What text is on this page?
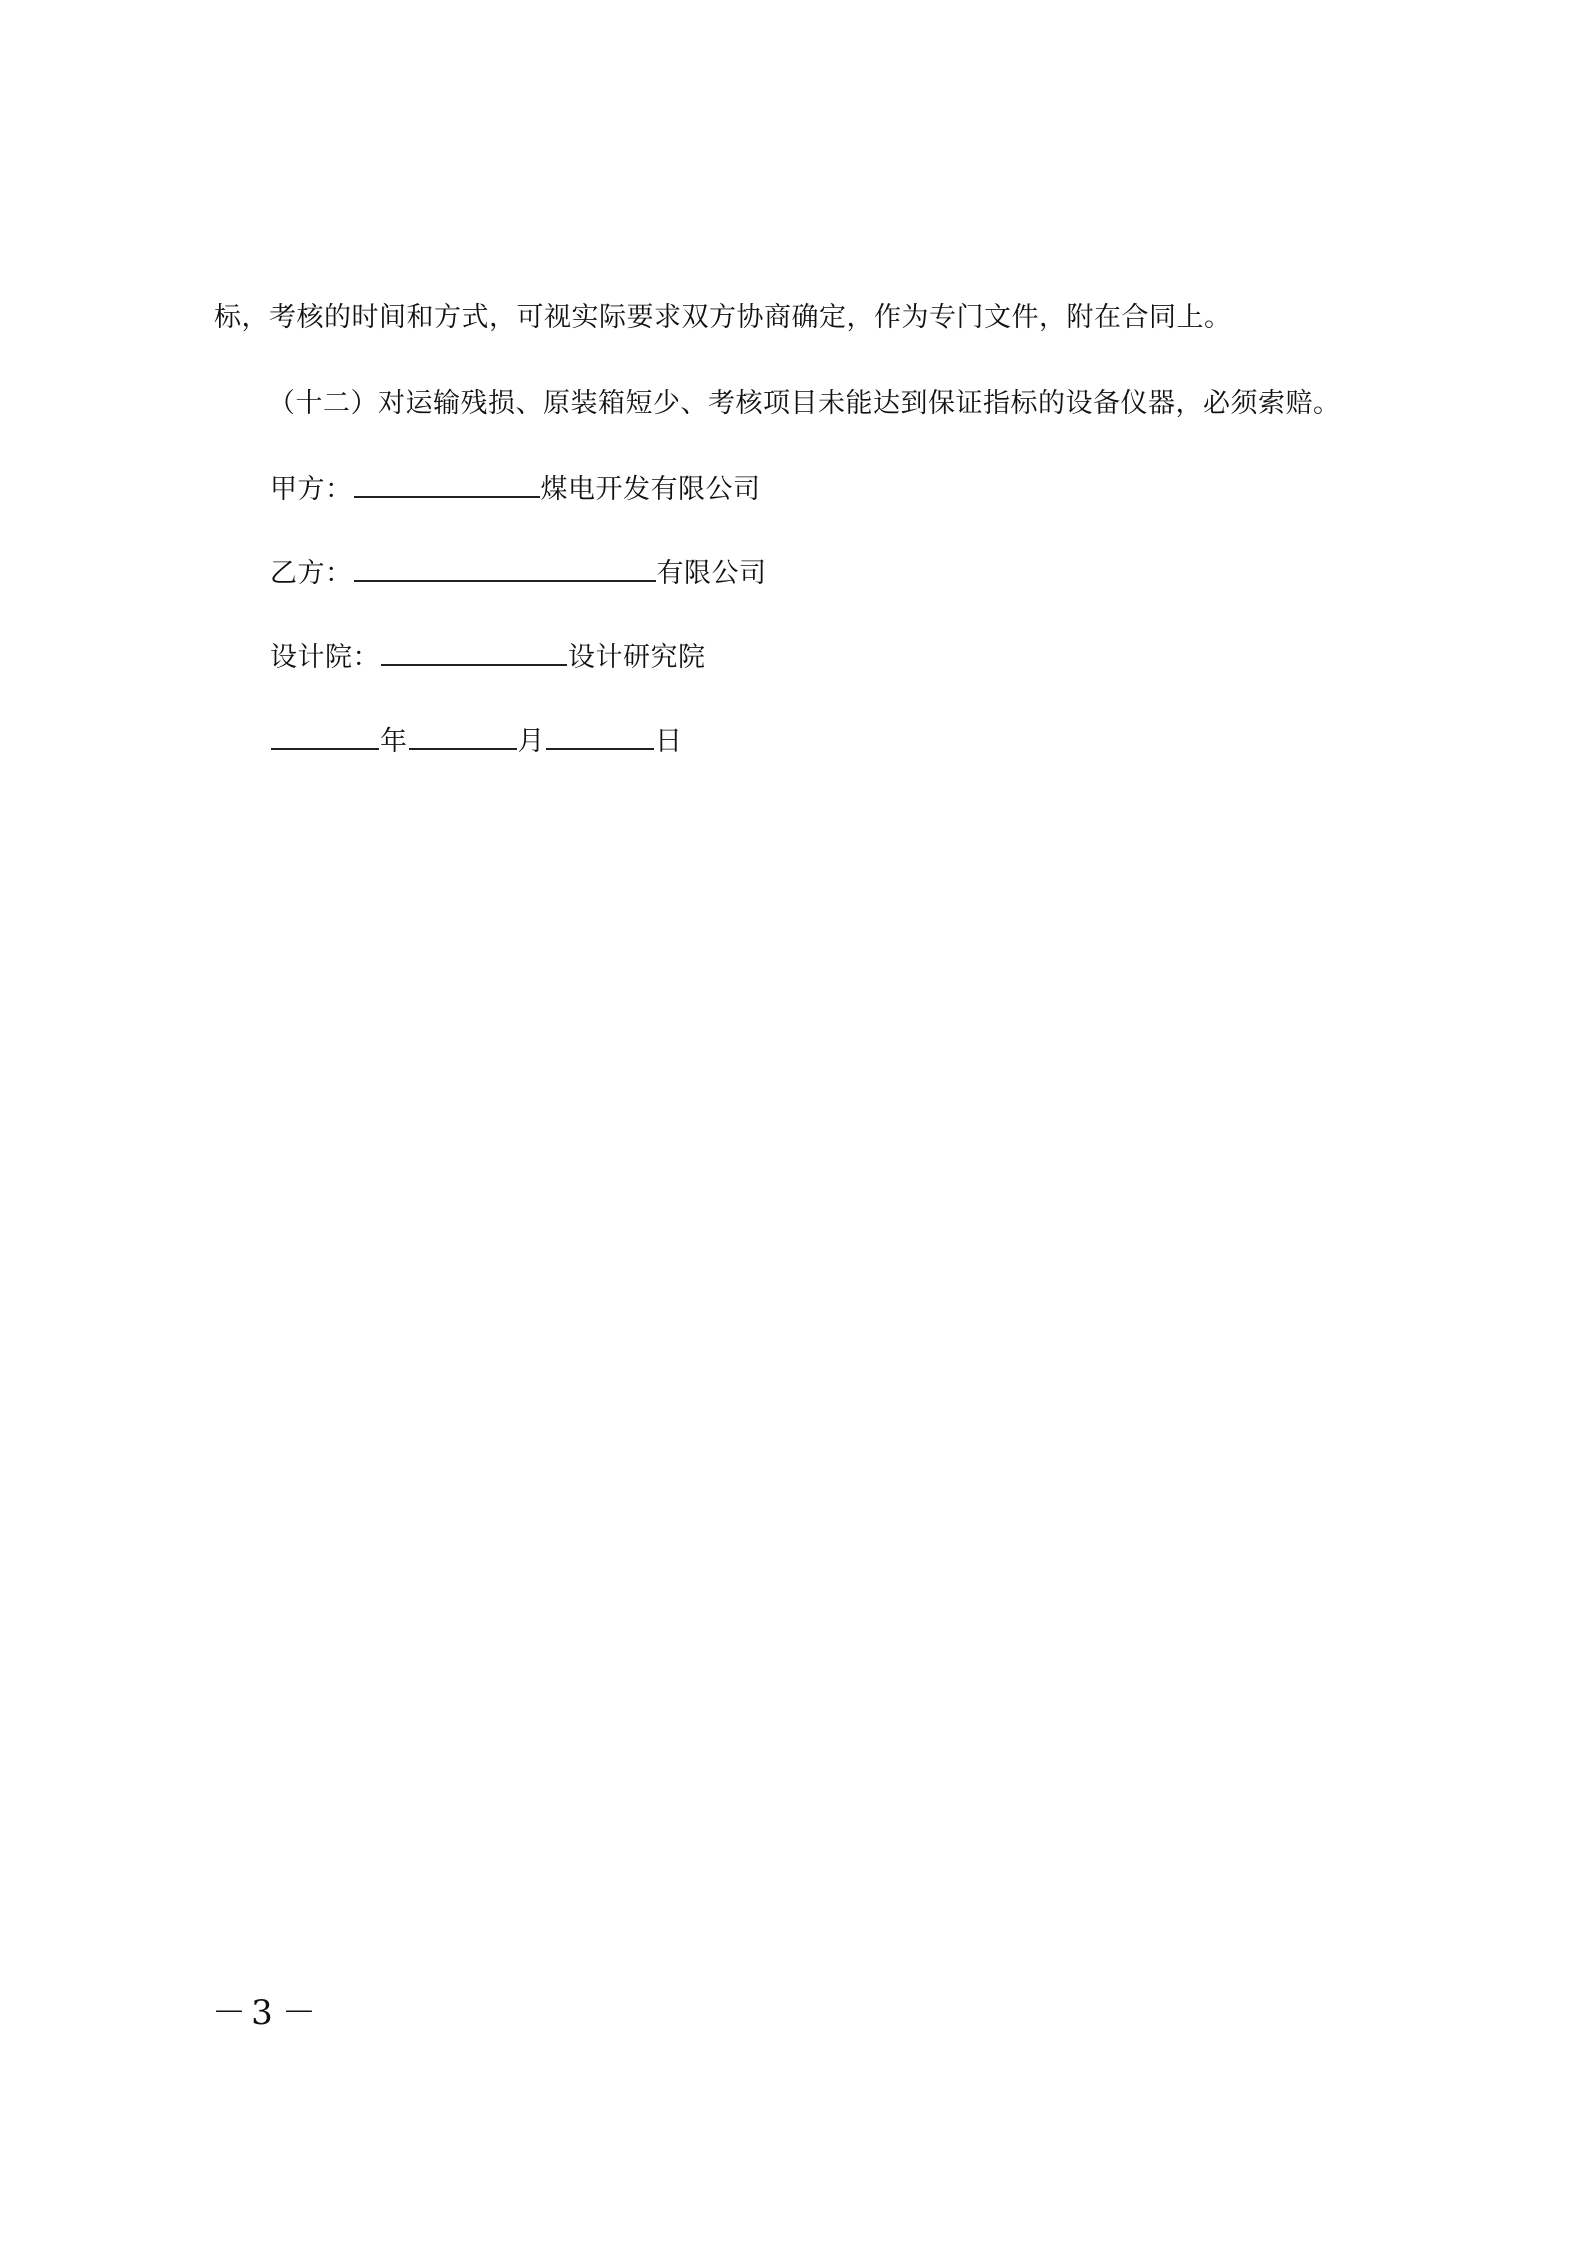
标，考核的时间和方式，可视实际要求双方协商确定，作为专门文件，附在合同上。
（十二）对运输残损、原装箱短少、考核项目未能达到保证指标的设备仪器，必须索赔。
甲方：	煤电开发有限公司
乙方：	有限公司
设计院：	设计研究院
年	月	日
－ 3 －
